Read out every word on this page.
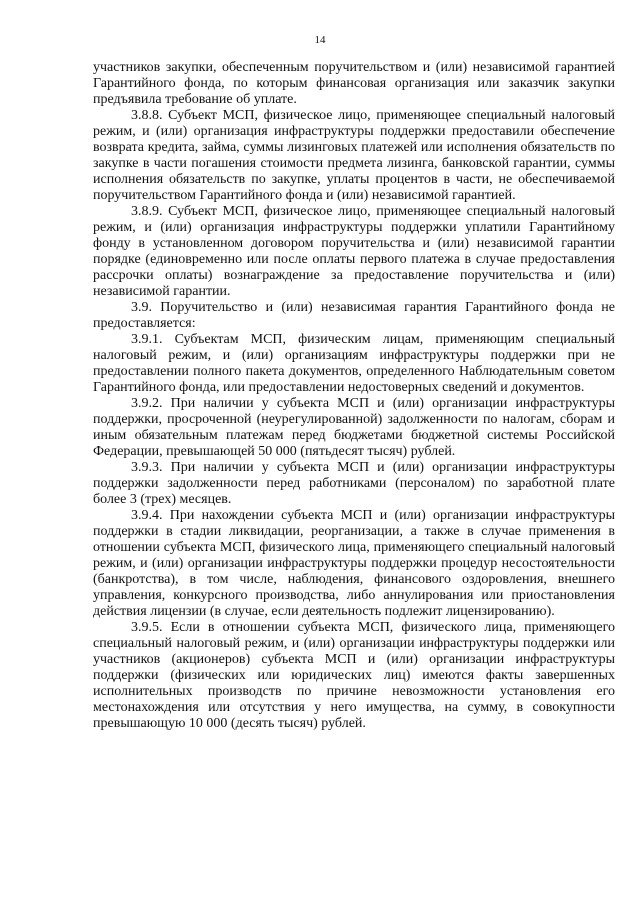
14

участников закупки, обеспеченным поручительством и (или) независимой гарантией Гарантийного фонда, по которым финансовая организация или заказчик закупки предъявила требование об уплате.

3.8.8. Субъект МСП, физическое лицо, применяющее специальный налоговый режим, и (или) организация инфраструктуры поддержки предоставили обеспечение возврата кредита, займа, суммы лизинговых платежей или исполнения обязательств по закупке в части погашения стоимости предмета лизинга, банковской гарантии, суммы исполнения обязательств по закупке, уплаты процентов в части, не обеспечиваемой поручительством Гарантийного фонда и (или) независимой гарантией.

3.8.9. Субъект МСП, физическое лицо, применяющее специальный налоговый режим, и (или) организация инфраструктуры поддержки уплатили Гарантийному фонду в установленном договором поручительства и (или) независимой гарантии порядке (единовременно или после оплаты первого платежа в случае предоставления рассрочки оплаты) вознаграждение за предоставление поручительства и (или) независимой гарантии.

3.9. Поручительство и (или) независимая гарантия Гарантийного фонда не предоставляется:

3.9.1. Субъектам МСП, физическим лицам, применяющим специальный налоговый режим, и (или) организациям инфраструктуры поддержки при не предоставлении полного пакета документов, определенного Наблюдательным советом Гарантийного фонда, или предоставлении недостоверных сведений и документов.

3.9.2. При наличии у субъекта МСП и (или) организации инфраструктуры поддержки, просроченной (неурегулированной) задолженности по налогам, сборам и иным обязательным платежам перед бюджетами бюджетной системы Российской Федерации, превышающей 50 000 (пятьдесят тысяч) рублей.

3.9.3. При наличии у субъекта МСП и (или) организации инфраструктуры поддержки задолженности перед работниками (персоналом) по заработной плате более 3 (трех) месяцев.

3.9.4. При нахождении субъекта МСП и (или) организации инфраструктуры поддержки в стадии ликвидации, реорганизации, а также в случае применения в отношении субъекта МСП, физического лица, применяющего специальный налоговый режим, и (или) организации инфраструктуры поддержки процедур несостоятельности (банкротства), в том числе, наблюдения, финансового оздоровления, внешнего управления, конкурсного производства, либо аннулирования или приостановления действия лицензии (в случае, если деятельность подлежит лицензированию).

3.9.5. Если в отношении субъекта МСП, физического лица, применяющего специальный налоговый режим, и (или) организации инфраструктуры поддержки или участников (акционеров) субъекта МСП и (или) организации инфраструктуры поддержки (физических или юридических лиц) имеются факты завершенных исполнительных производств по причине невозможности установления его местонахождения или отсутствия у него имущества, на сумму, в совокупности превышающую 10 000 (десять тысяч) рублей.
